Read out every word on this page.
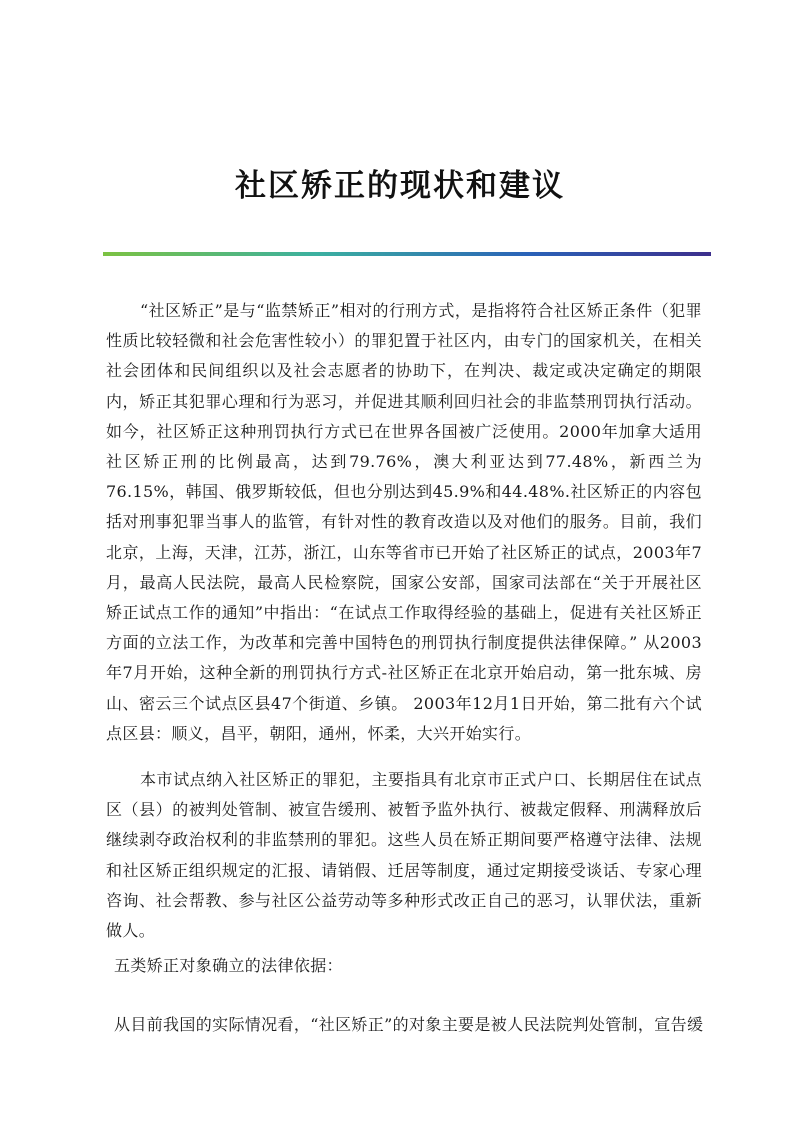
社区矫正的现状和建议
“社区矫正”是与“监禁矫正”相对的行刑方式，是指将符合社区矫正条件（犯罪性质比较轻微和社会危害性较小）的罪犯置于社区内，由专门的国家机关，在相关社会团体和民间组织以及社会志愿者的协助下，在判决、裁定或决定确定的期限内，矫正其犯罪心理和行为恶习，并促进其顺利回归社会的非监禁刑罚执行活动。如今，社区矫正这种刑罚执行方式已在世界各国被广泛使用。2000年加拿大适用社区矫正刑的比例最高，达到79.76%，澳大利亚达到77.48%，新西兰为76.15%，韩国、俄罗斯较低，但也分别达到45.9%和44.48%.社区矫正的内容包括对刑事犯罪当事人的监管，有针对性的教育改造以及对他们的服务。目前，我们北京，上海，天津，江苏，浙江，山东等省市已开始了社区矫正的试点，2003年7月，最高人民法院，最高人民检察院，国家公安部，国家司法部在“关于开展社区矫正试点工作的通知”中指出：“在试点工作取得经验的基础上，促进有关社区矫正方面的立法工作，为改革和完善中国特色的刑罚执行制度提供法律保障。” 从2003年7月开始，这种全新的刑罚执行方式-社区矫正在北京开始启动，第一批东城、房山、密云三个试点区县47个街道、乡镇。 2003年12月1日开始，第二批有六个试点区县：顺义，昌平，朝阳，通州，怀柔，大兴开始实行。
本市试点纳入社区矫正的罪犯，主要指具有北京市正式户口、长期居住在试点区（县）的被判处管制、被宣告缓刑、被暂予监外执行、被裁定假释、刑满释放后继续剥夺政治权利的非监禁刑的罪犯。这些人员在矫正期间要严格遵守法律、法规和社区矫正组织规定的汇报、请销假、迁居等制度，通过定期接受谈话、专家心理咨询、社会帮教、参与社区公益劳动等多种形式改正自己的恶习，认罪伏法，重新做人。
五类矫正对象确立的法律依据：
从目前我国的实际情况看，“社区矫正”的对象主要是被人民法院判处管制，宣告缓
